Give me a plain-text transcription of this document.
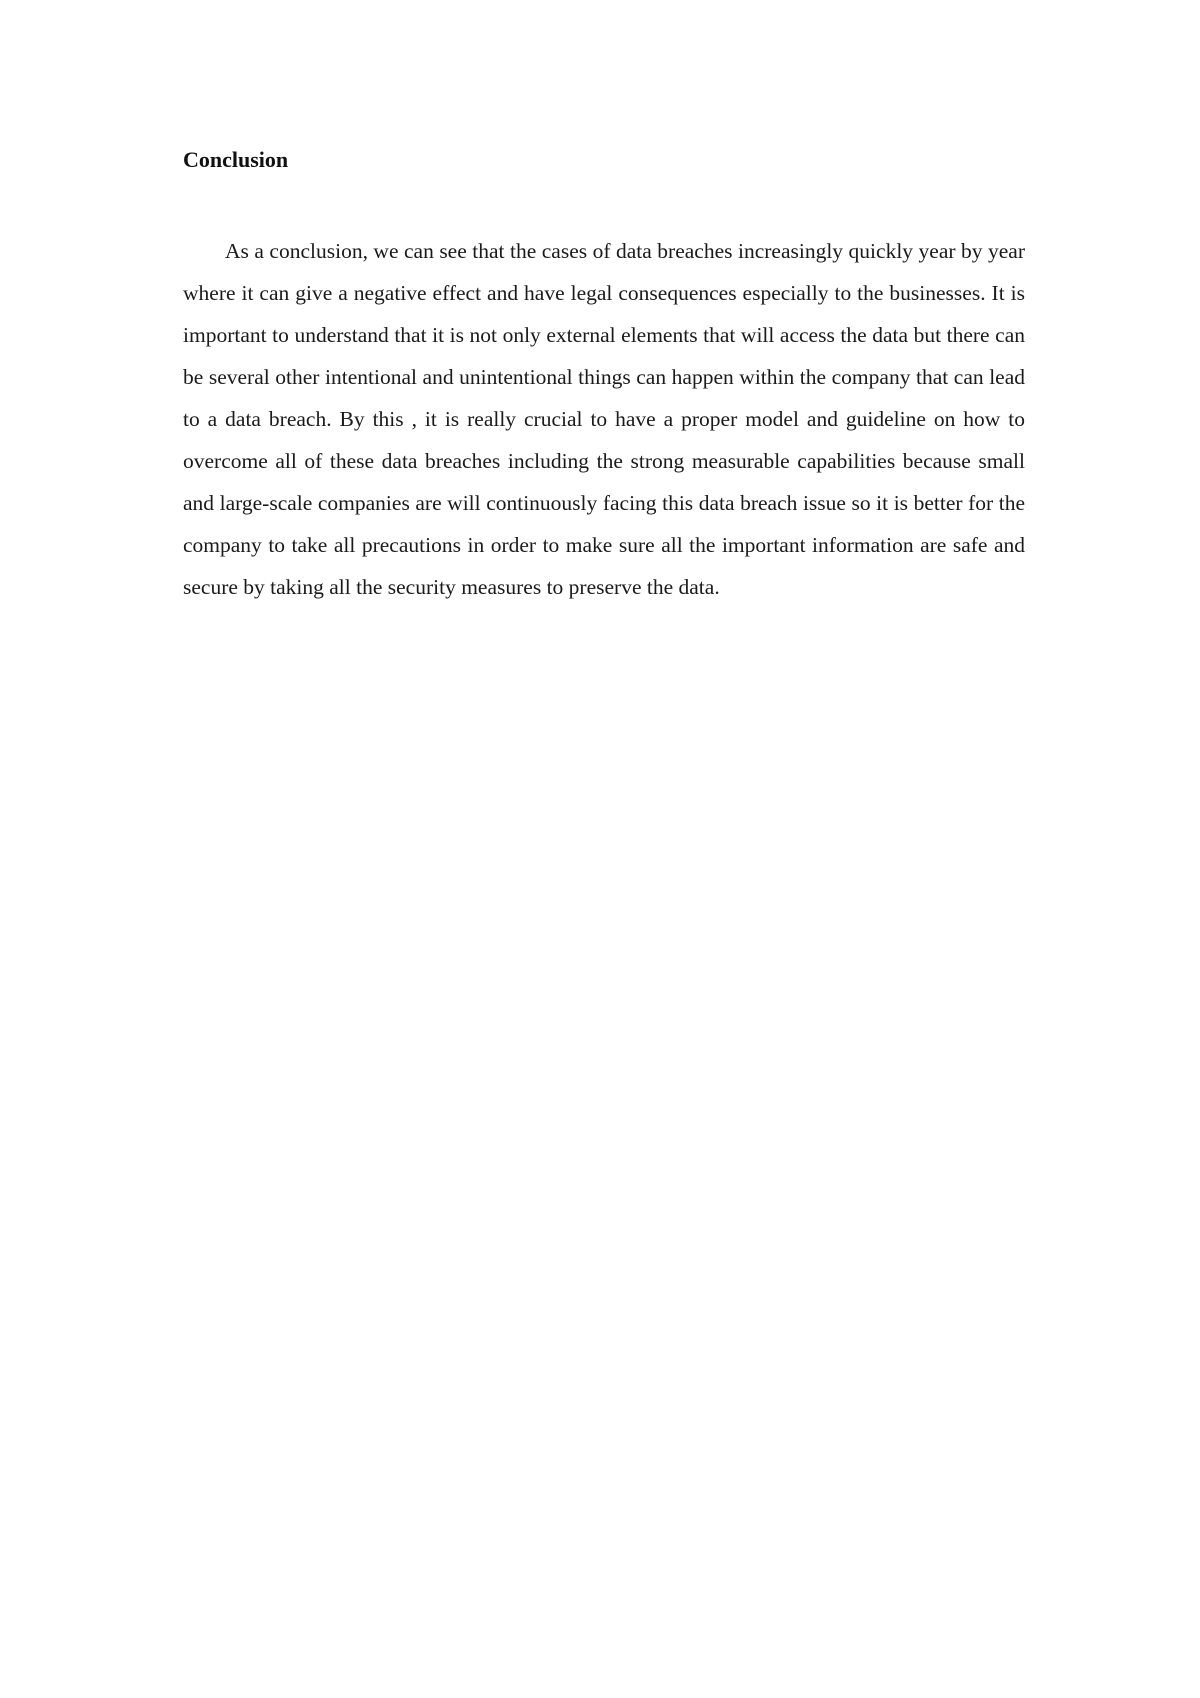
Conclusion

As a conclusion, we can see that the cases of data breaches increasingly quickly year by year where it can give a negative effect and have legal consequences especially to the businesses. It is important to understand that it is not only external elements that will access the data but there can be several other intentional and unintentional things can happen within the company that can lead to a data breach. By this , it is really crucial to have a proper model and guideline on how to overcome all of these data breaches including the strong measurable capabilities because small and large-scale companies are will continuously facing this data breach issue so it is better for the company to take all precautions in order to make sure all the important information are safe and secure by taking all the security measures to preserve the data.
